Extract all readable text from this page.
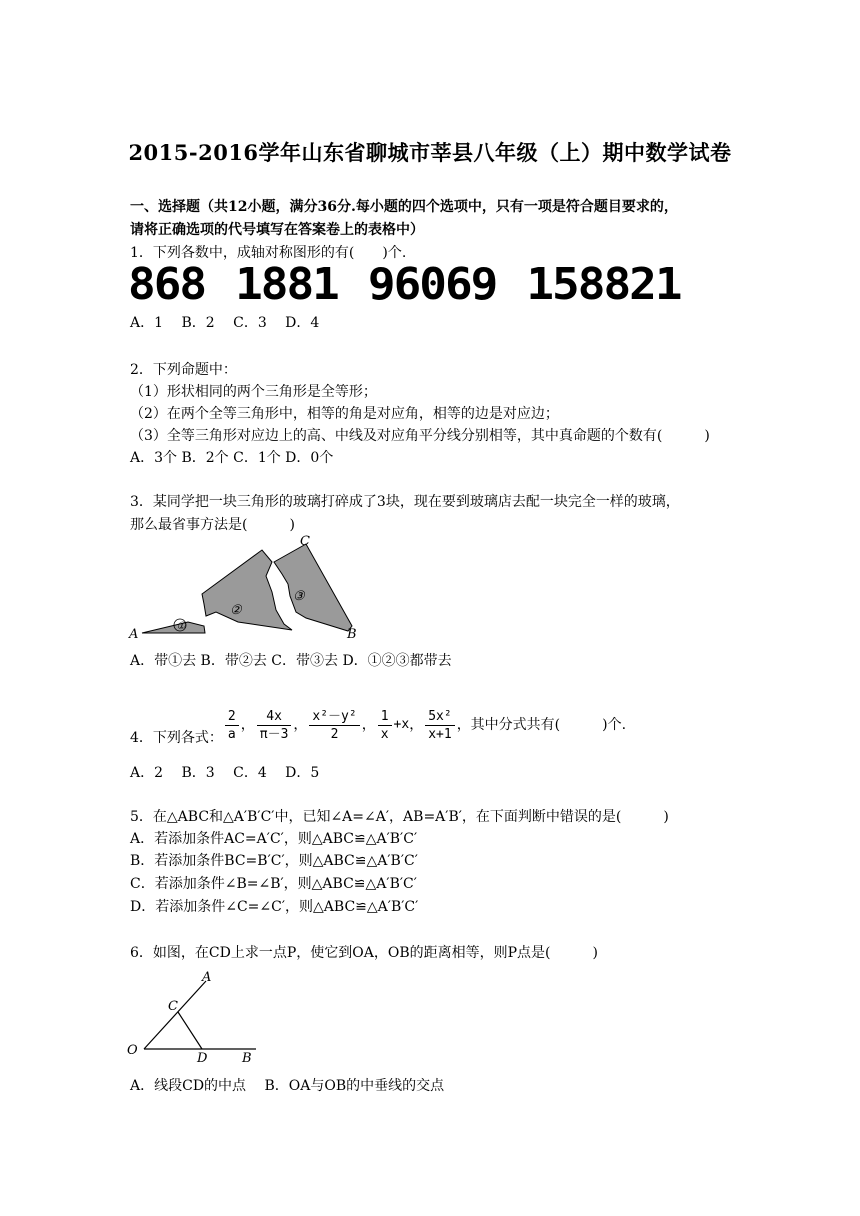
2015-2016学年山东省聊城市莘县八年级（上）期中数学试卷
一、选择题（共12小题，满分36分.每小题的四个选项中，只有一项是符合题目要求的，
请将正确选项的代号填写在答案卷上的表格中）
1．下列各数中，成轴对称图形的有(　　)个.
868 1881 96069 158821
A．1　 B．2　 C．3　 D．4
2．下列命题中：
（1）形状相同的两个三角形是全等形；
（2）在两个全等三角形中，相等的角是对应角，相等的边是对应边；
（3）全等三角形对应边上的高、中线及对应角平分线分别相等，其中真命题的个数有(　　　)
A．3个 B．2个 C．1个 D．0个
3．某同学把一块三角形的玻璃打碎成了3块，现在要到玻璃店去配一块完全一样的玻璃，
那么最省事方法是(　　　)
①
②
③
A	B
C
A．带①去 B．带②去 C．带③去 D．①②③都带去
4．下列各式： $\frac{2}{a}$ ， $\frac{4x}{\pi-3}$ ， $\frac{\text{x²－y²}}{2}$ ， $\frac{1}{x} +x$， $\frac{\text{5x²}}{x+1}$ ，其中分式共有(　　　)个.
A．2　 B．3　 C．4　 D．5
5．在△ABC和△A′B′C′中，已知∠A=∠A′，AB=A′B′，在下面判断中错误的是(　　　)
A．若添加条件AC=A′C′，则△ABC≌△A′B′C′
B．若添加条件BC=B′C′，则△ABC≌△A′B′C′
C．若添加条件∠B=∠B′，则△ABC≌△A′B′C′
D．若添加条件∠C=∠C′，则△ABC≌△A′B′C′
6．如图，在CD上求一点P，使它到OA，OB的距离相等，则P点是(　　　)
O
A
B
C
D
A．线段CD的中点　 B．OA与OB的中垂线的交点
